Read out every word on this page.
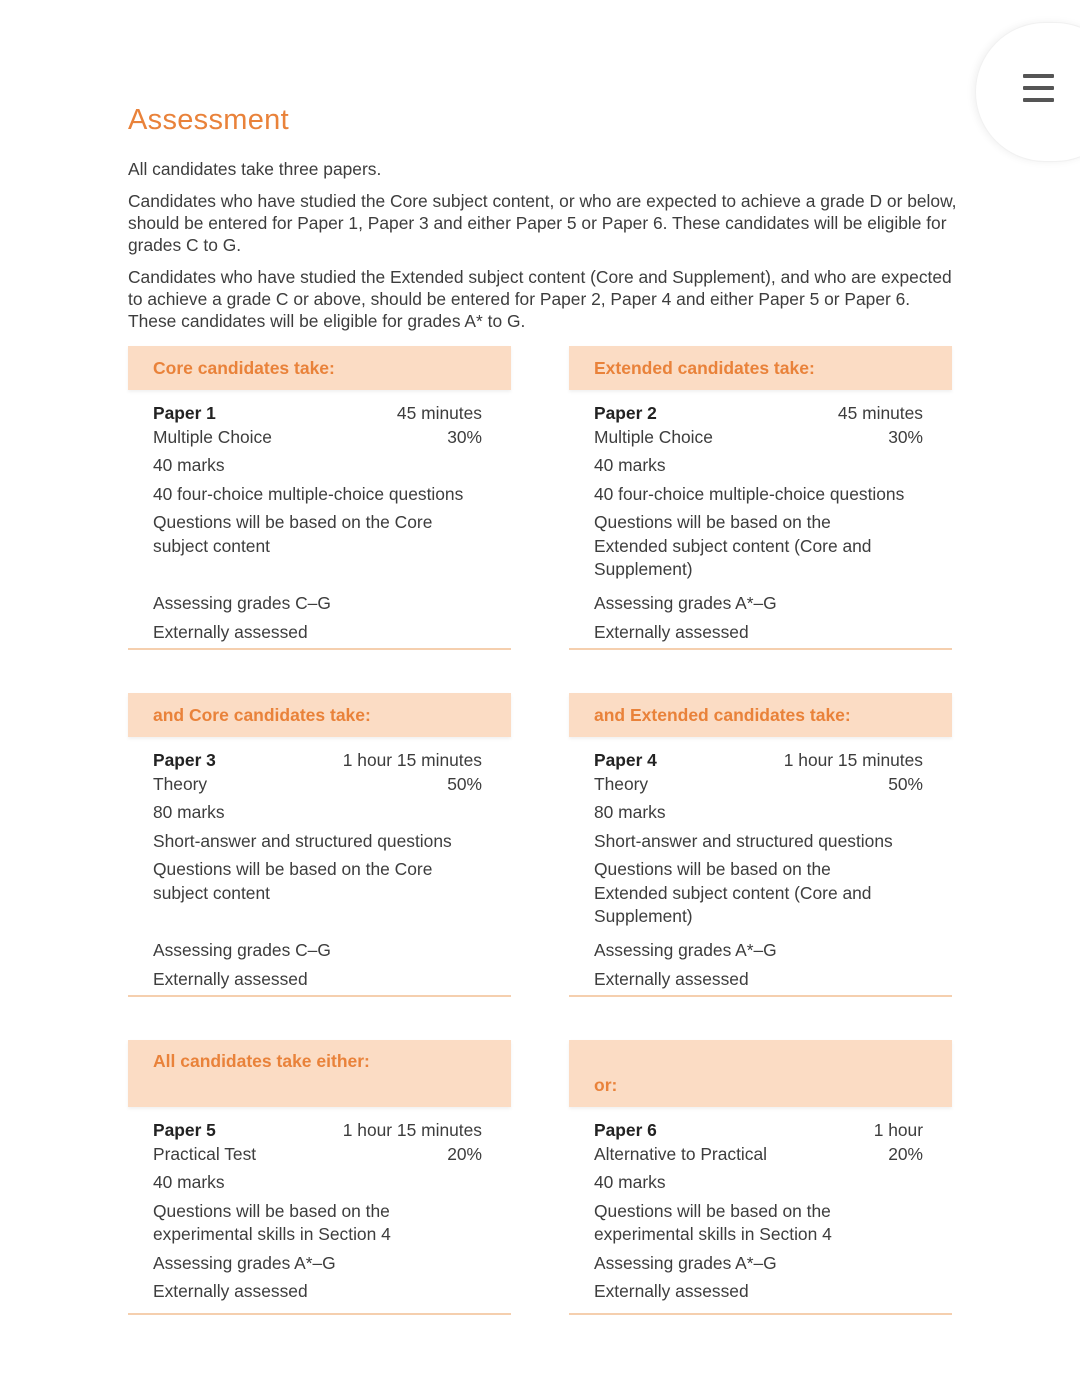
Assessment

All candidates take three papers.

Candidates who have studied the Core subject content, or who are expected to achieve a grade D or below, should be entered for Paper 1, Paper 3 and either Paper 5 or Paper 6. These candidates will be eligible for grades C to G.

Candidates who have studied the Extended subject content (Core and Supplement), and who are expected to achieve a grade C or above, should be entered for Paper 2, Paper 4 and either Paper 5 or Paper 6. These candidates will be eligible for grades A* to G.

Core candidates take:
Paper 1	45 minutes
Multiple Choice	30%
40 marks
40 four-choice multiple-choice questions
Questions will be based on the Core subject content
Assessing grades C–G
Externally assessed
Extended candidates take:
Paper 2	45 minutes
Multiple Choice	30%
40 marks
40 four-choice multiple-choice questions
Questions will be based on the Extended subject content (Core and Supplement)
Assessing grades A*–G
Externally assessed
and Core candidates take:
Paper 3	1 hour 15 minutes
Theory	50%
80 marks
Short-answer and structured questions
Questions will be based on the Core subject content
Assessing grades C–G
Externally assessed
and Extended candidates take:
Paper 4	1 hour 15 minutes
Theory	50%
80 marks
Short-answer and structured questions
Questions will be based on the Extended subject content (Core and Supplement)
Assessing grades A*–G
Externally assessed
All candidates take either:
Paper 5	1 hour 15 minutes
Practical Test	20%
40 marks
Questions will be based on the experimental skills in Section 4
Assessing grades A*–G
Externally assessed
or:
Paper 6	1 hour
Alternative to Practical	20%
40 marks
Questions will be based on the experimental skills in Section 4
Assessing grades A*–G
Externally assessed
